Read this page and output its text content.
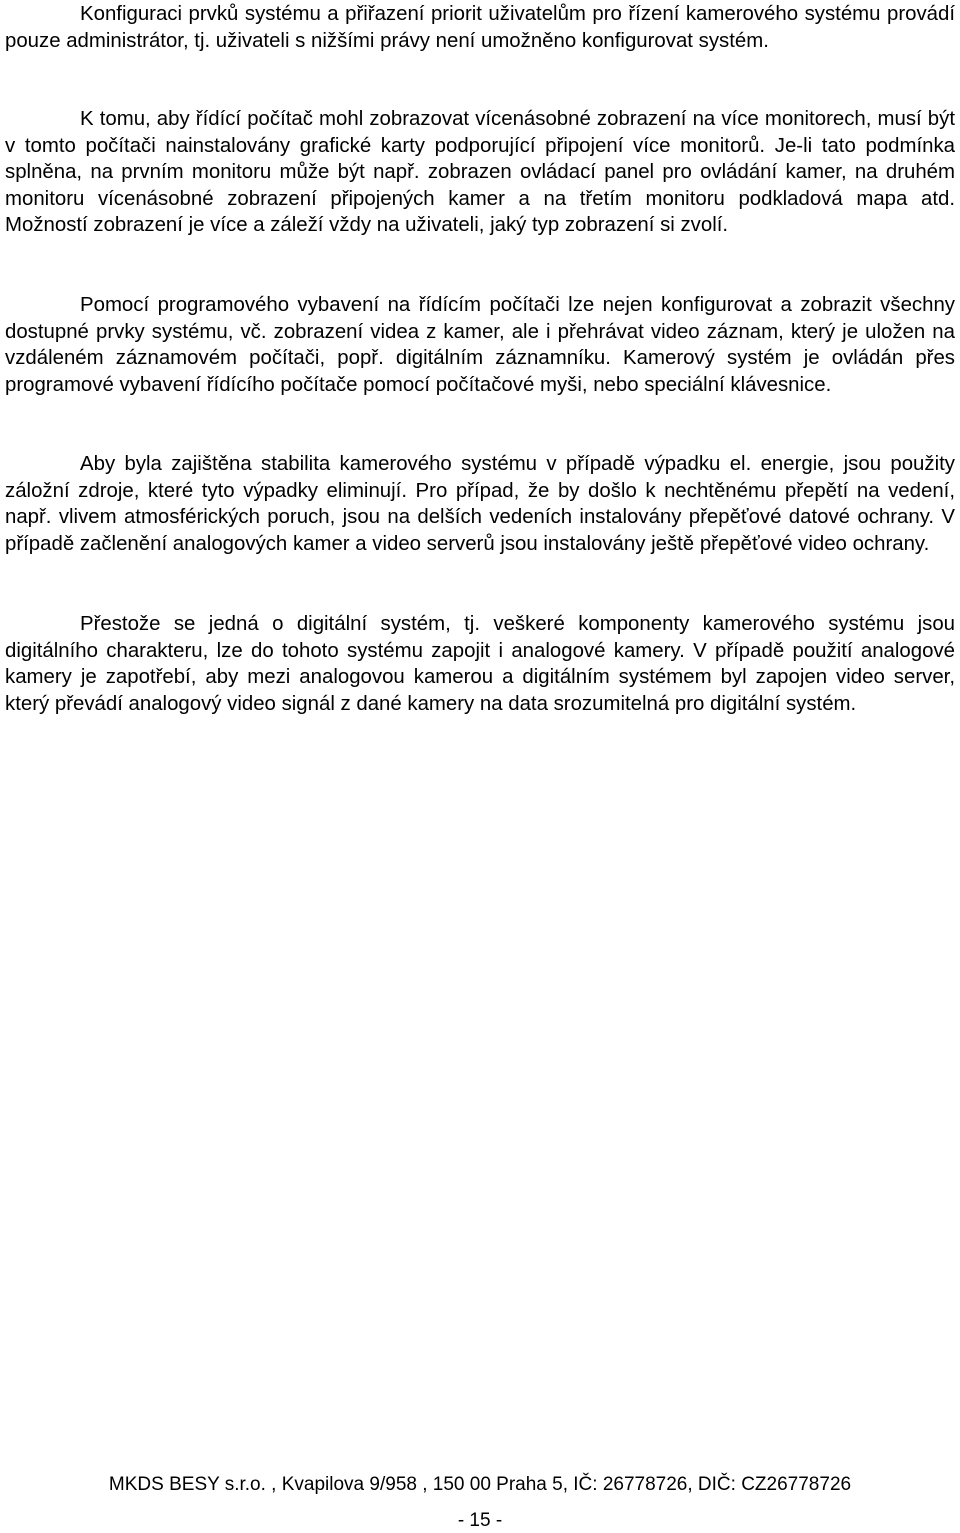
Konfiguraci prvků systému a přiřazení priorit uživatelům pro řízení kamerového systému provádí pouze administrátor, tj. uživateli s nižšími právy není umožněno konfigurovat systém.

K tomu, aby řídící počítač mohl zobrazovat vícenásobné zobrazení na více monitorech, musí být v tomto počítači nainstalovány grafické karty podporující připojení více monitorů. Je-li tato podmínka splněna, na prvním monitoru může být např. zobrazen ovládací panel pro ovládání kamer, na druhém monitoru vícenásobné zobrazení připojených kamer a na třetím monitoru podkladová mapa atd. Možností zobrazení je více a záleží vždy na uživateli, jaký typ zobrazení si zvolí.

Pomocí programového vybavení na řídícím počítači lze nejen konfigurovat a zobrazit všechny dostupné prvky systému, vč. zobrazení videa z kamer, ale i přehrávat video záznam, který je uložen na vzdáleném záznamovém počítači, popř. digitálním záznamníku. Kamerový systém je ovládán přes programové vybavení řídícího počítače pomocí počítačové myši, nebo speciální klávesnice.

Aby byla zajištěna stabilita kamerového systému v případě výpadku el. energie, jsou použity záložní zdroje, které tyto výpadky eliminují. Pro případ, že by došlo k nechtěnému přepětí na vedení, např. vlivem atmosférických poruch, jsou na delších vedeních instalovány přepěťové datové ochrany. V případě začlenění analogových kamer a video serverů jsou instalovány ještě přepěťové video ochrany.

Přestože se jedná o digitální systém, tj. veškeré komponenty kamerového systému jsou digitálního charakteru, lze do tohoto systému zapojit i analogové kamery. V případě použití analogové kamery je zapotřebí, aby mezi analogovou kamerou a digitálním systémem byl zapojen video server, který převádí analogový video signál z dané kamery na data srozumitelná pro digitální systém.

MKDS BESY s.r.o. , Kvapilova 9/958 , 150 00 Praha 5, IČ: 26778726, DIČ: CZ26778726
- 15 -
